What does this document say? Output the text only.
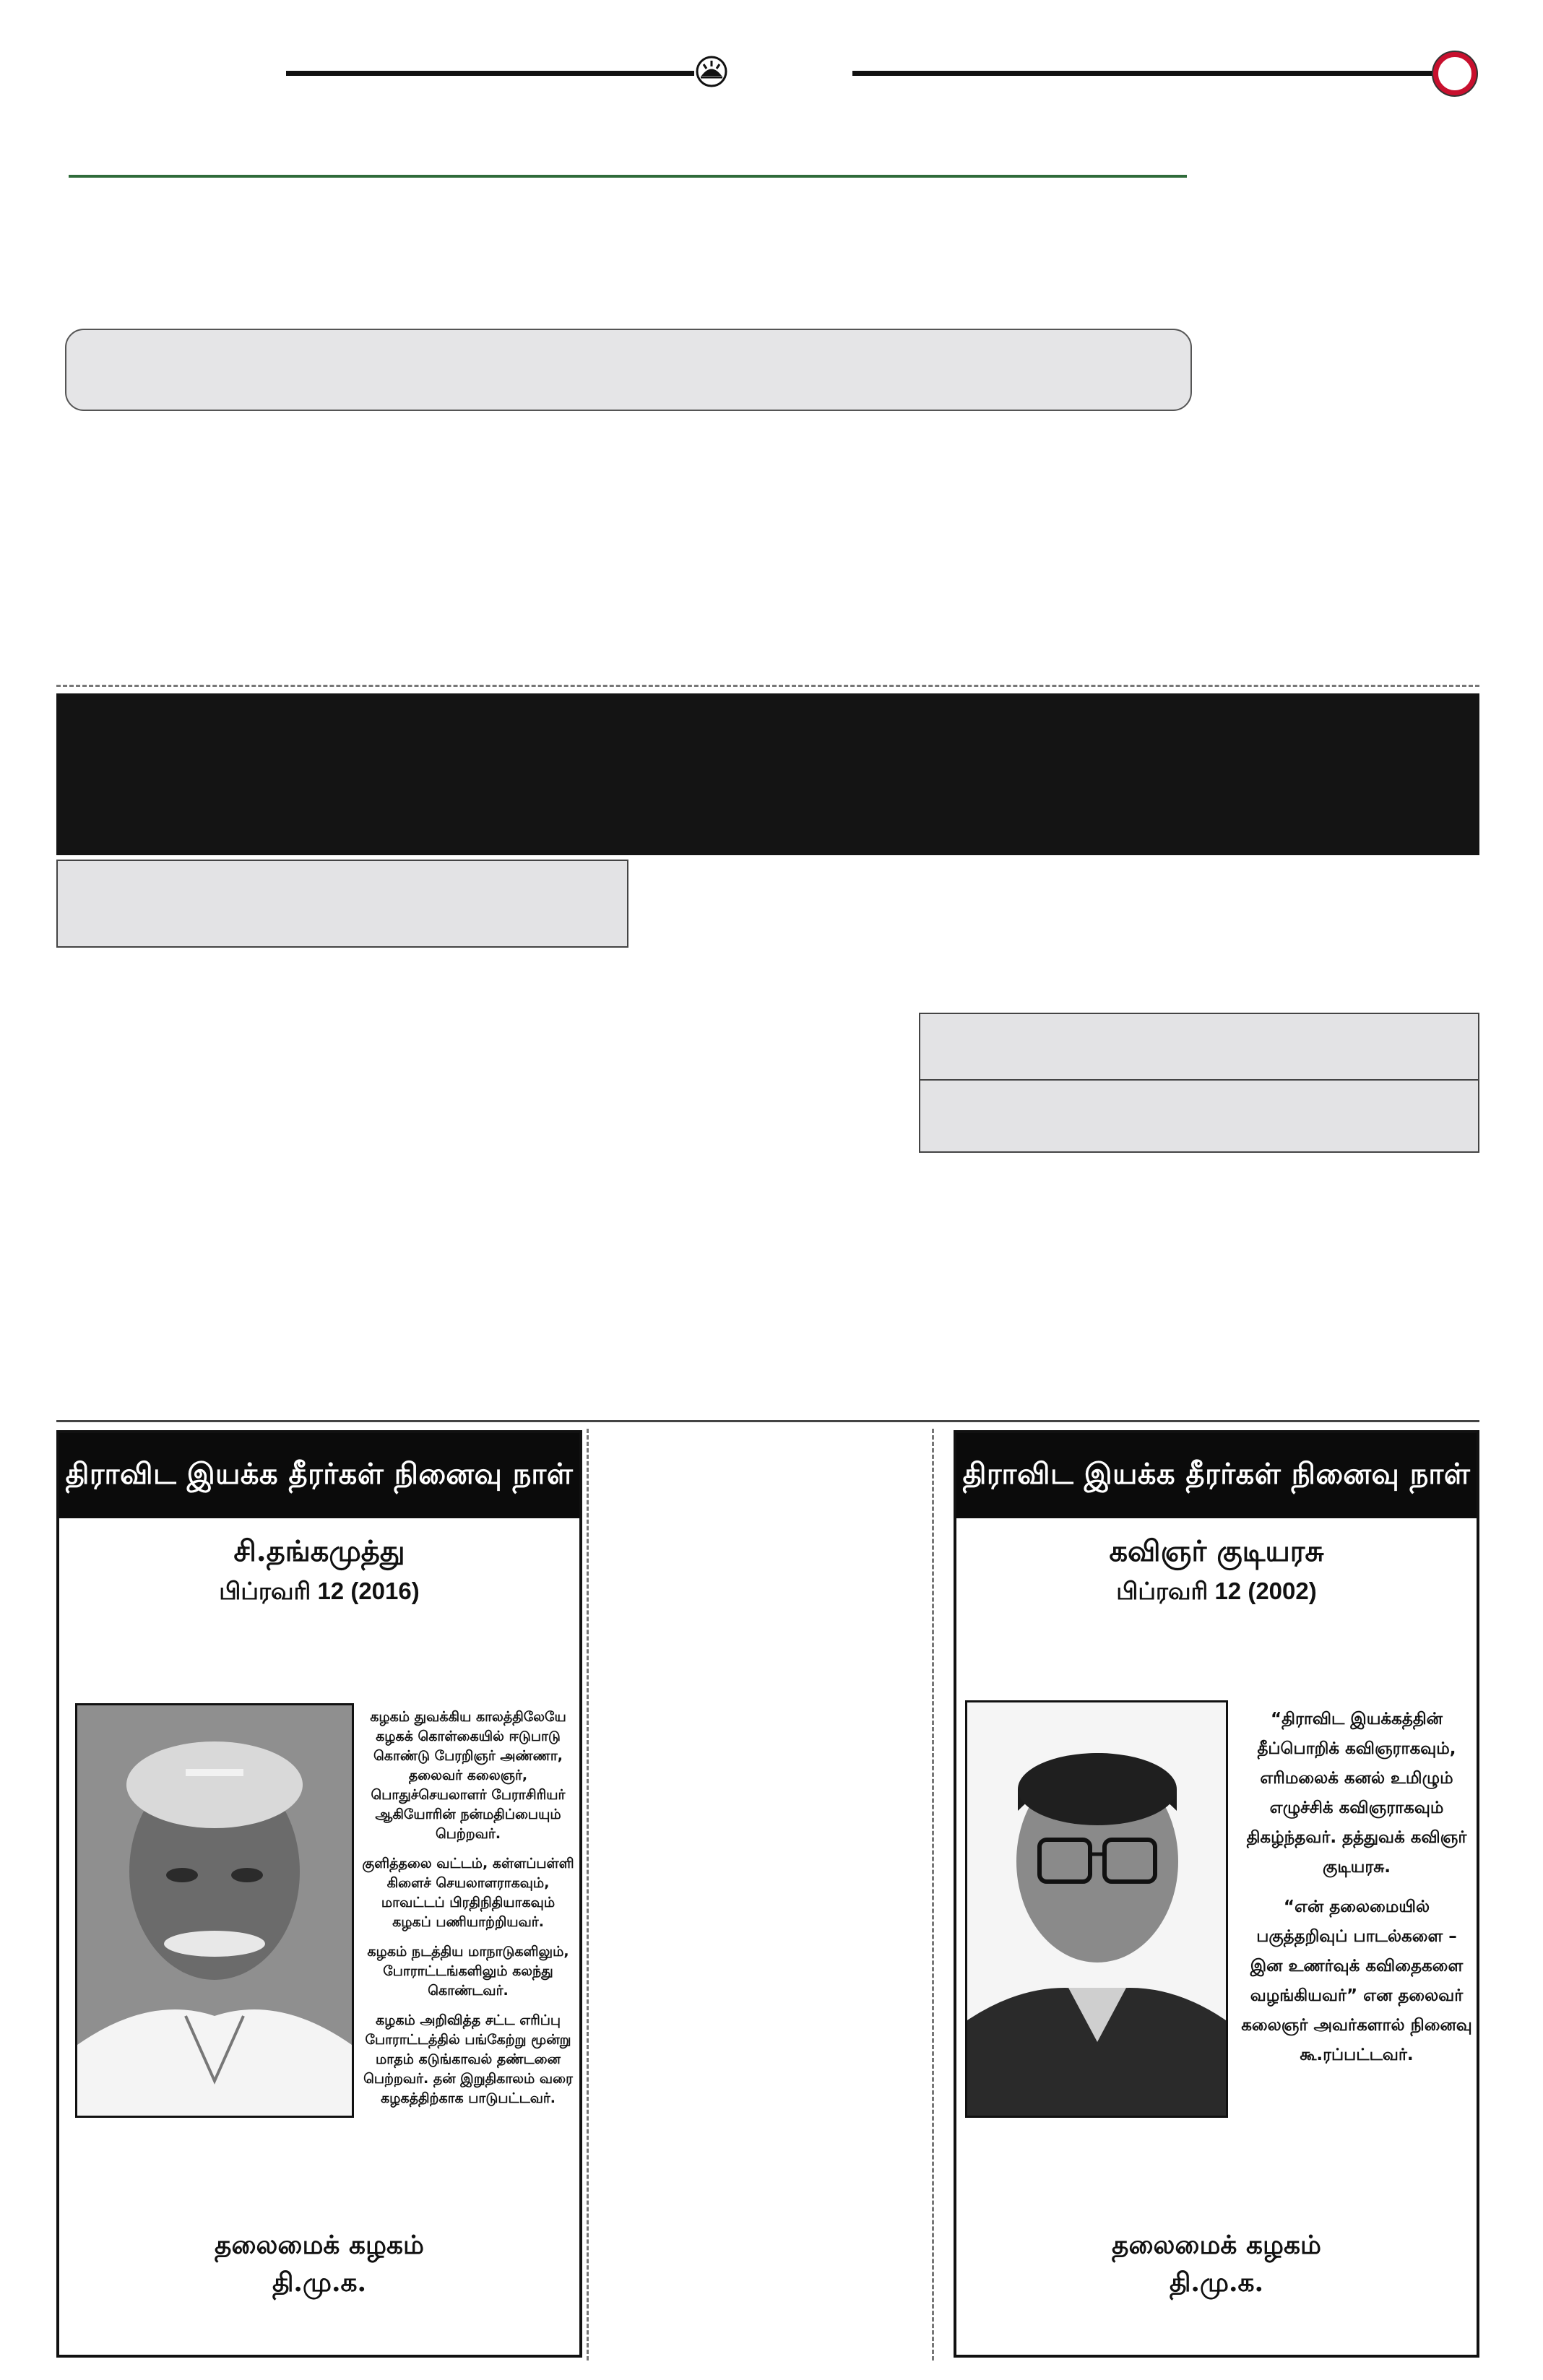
திராவிட இயக்க தீரர்கள் நினைவு நாள்
சி.தங்கமுத்து
பிப்ரவரி 12 (2016)

கழகம் துவக்கிய காலத்திலேயே கழகக் கொள்கையில் ஈடுபாடு கொண்டு பேரறிஞர் அண்ணா, தலைவர் கலைஞர், பொதுச்செயலாளர் பேராசிரியர் ஆகியோரின் நன்மதிப்பையும் பெற்றவர்.

குளித்தலை வட்டம், கள்ளப்பள்ளி கிளைச் செயலாளராகவும், மாவட்டப் பிரதிநிதியாகவும் கழகப் பணியாற்றியவர்.

கழகம் நடத்திய மாநாடுகளிலும், போராட்டங்களிலும் கலந்து கொண்டவர்.

கழகம் அறிவித்த சட்ட எரிப்பு போராட்டத்தில் பங்கேற்று மூன்று மாதம் கடுங்காவல் தண்டனை பெற்றவர். தன் இறுதிகாலம் வரை கழகத்திற்காக பாடுபட்டவர்.

தலைமைக் கழகம்
தி.மு.க.
திராவிட இயக்க தீரர்கள் நினைவு நாள்
கவிஞர் குடியரசு
பிப்ரவரி 12 (2002)

“திராவிட இயக்கத்தின் தீப்பொறிக் கவிஞராகவும், எரிமலைக் கனல் உமிழும் எழுச்சிக் கவிஞராகவும் திகழ்ந்தவர். தத்துவக் கவிஞர் குடியரசு.

“என் தலைமையில் பகுத்தறிவுப் பாடல்களை – இன உணர்வுக் கவிதைகளை வழங்கியவர்” என தலைவர் கலைஞர் அவர்களால் நினைவு கூ.ரப்பட்டவர்.

தலைமைக் கழகம்
தி.மு.க.
